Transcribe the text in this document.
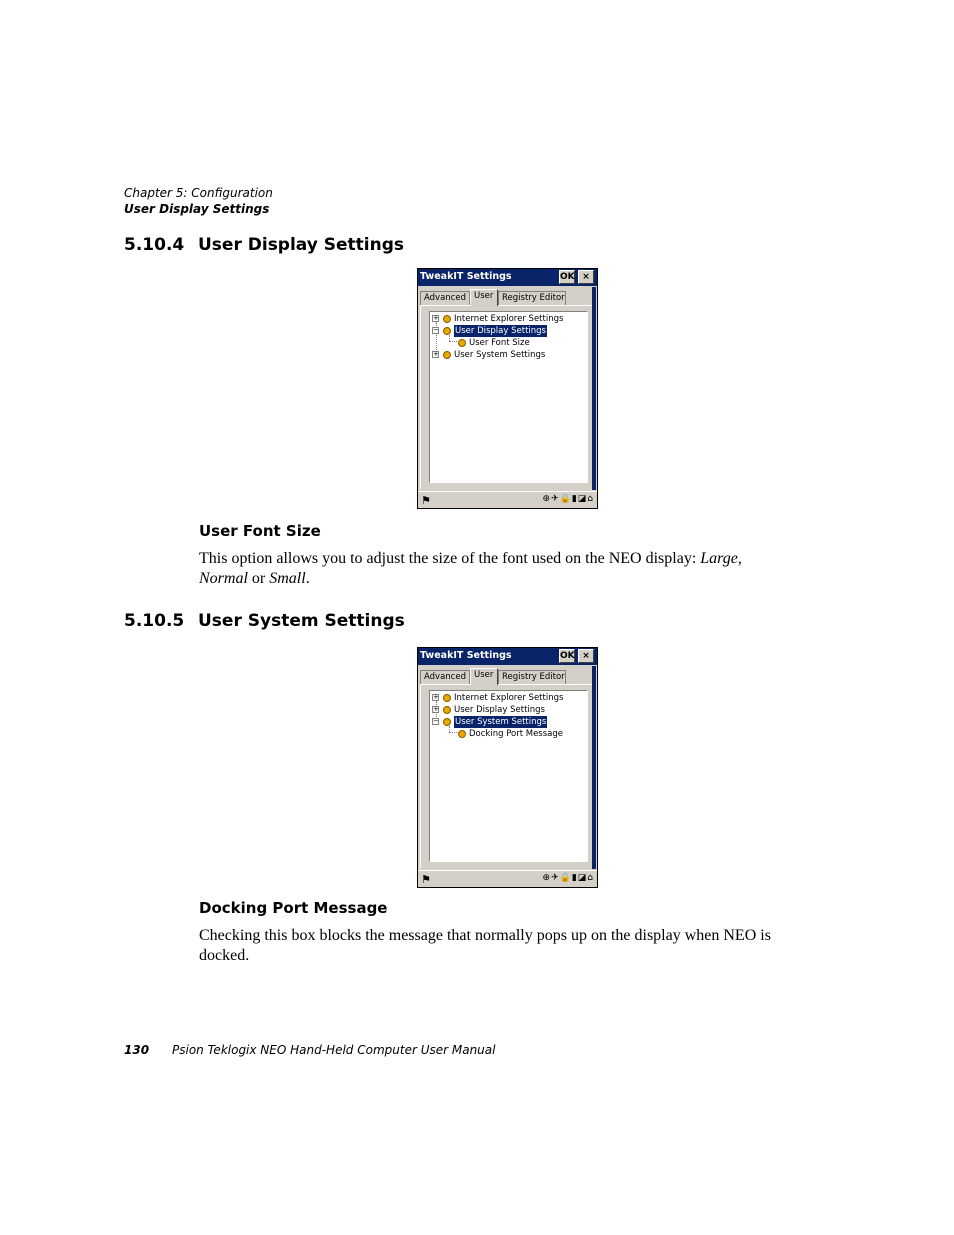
Chapter 5: Configuration
User Display Settings
5.10.4 User Display Settings
TweakIT Settings	OK ×
Advanced User	Registry Editor
+ Internet Explorer Settings
− User Display Settings
User Font Size
+ User System Settings
⚑	⊕✈🔒▮◪⌂
User Font Size
This option allows you to adjust the size of the font used on the NEO display: Large, Normal or Small.
5.10.5 User System Settings
TweakIT Settings	OK ×
Advanced User	Registry Editor
+ Internet Explorer Settings
+ User Display Settings
− User System Settings
Docking Port Message
⚑	⊕✈🔒▮◪⌂
Docking Port Message
Checking this box blocks the message that normally pops up on the display when NEO is docked.
130 Psion Teklogix NEO Hand-Held Computer User Manual
